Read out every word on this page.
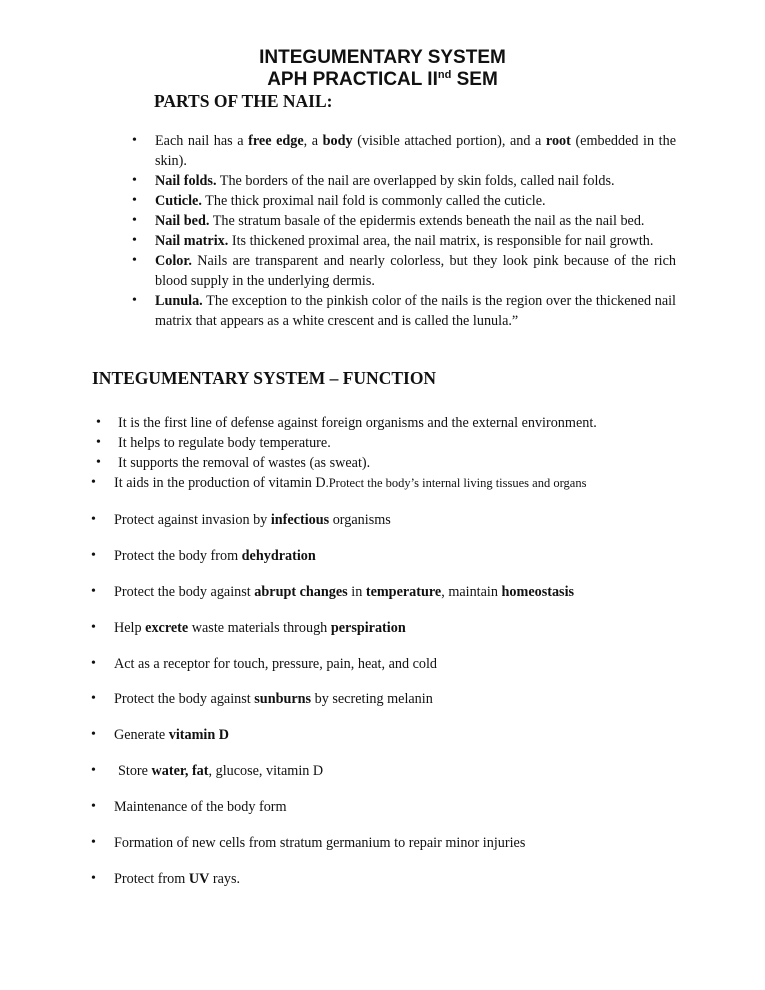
INTEGUMENTARY SYSTEM
APH PRACTICAL IInd SEM
PARTS OF THE NAIL:
• Each nail has a free edge, a body (visible attached portion), and a root (embedded in the skin).
• Nail folds. The borders of the nail are overlapped by skin folds, called nail folds.
• Cuticle. The thick proximal nail fold is commonly called the cuticle.
• Nail bed. The stratum basale of the epidermis extends beneath the nail as the nail bed.
• Nail matrix. Its thickened proximal area, the nail matrix, is responsible for nail growth.
• Color. Nails are transparent and nearly colorless, but they look pink because of the rich blood supply in the underlying dermis.
• Lunula. The exception to the pinkish color of the nails is the region over the thickened nail matrix that appears as a white crescent and is called the lunula.”
INTEGUMENTARY SYSTEM – FUNCTION
• It is the first line of defense against foreign organisms and the external environment.
• It helps to regulate body temperature.
• It supports the removal of wastes (as sweat).
• It aids in the production of vitamin D.Protect the body’s internal living tissues and organs
• Protect against invasion by infectious organisms
• Protect the body from dehydration
• Protect the body against abrupt changes in temperature, maintain homeostasis
• Help excrete waste materials through perspiration
• Act as a receptor for touch, pressure, pain, heat, and cold
• Protect the body against sunburns by secreting melanin
• Generate vitamin D
• Store water, fat, glucose, vitamin D
• Maintenance of the body form
• Formation of new cells from stratum germanium to repair minor injuries
• Protect from UV rays.
